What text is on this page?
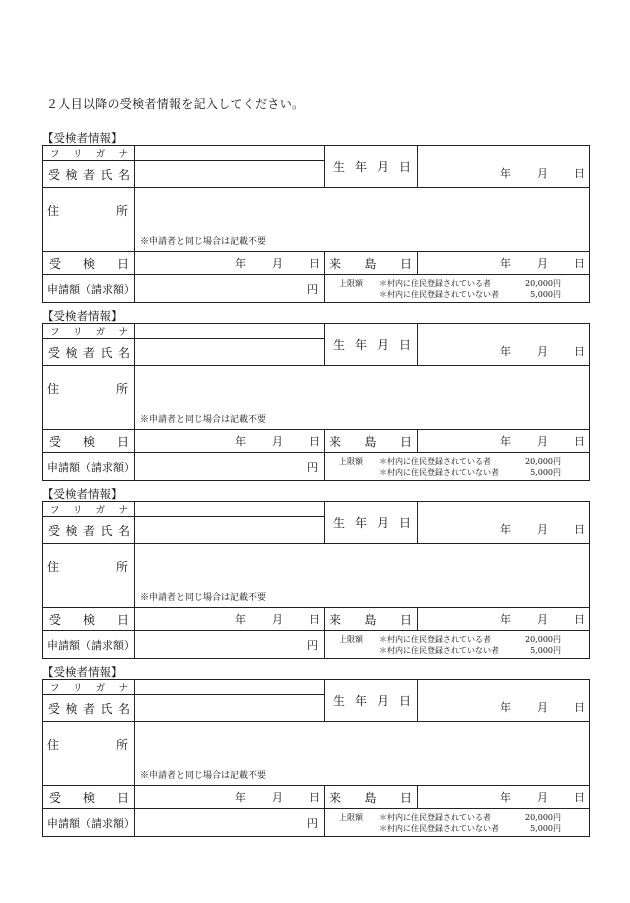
２人目以降の受検者情報を記入してください。
【受検者情報】
フ リ ガ ナ		生 年 月 日	年 月 日

受 検 者 氏 名			

住 所	※申請者と同じ場合は記載不要		

受 検 日	年 月 日	来 島 日	年 月 日

申請額（請求額）	円	上限額 ＊村内に住民登録されている者 20,000円
＊村内に住民登録されていない者 5,000円	
【受検者情報】
フ リ ガ ナ		生 年 月 日	年 月 日

受 検 者 氏 名			

住 所	※申請者と同じ場合は記載不要		

受 検 日	年 月 日	来 島 日	年 月 日

申請額（請求額）	円	上限額 ＊村内に住民登録されている者 20,000円
＊村内に住民登録されていない者 5,000円	
【受検者情報】
フ リ ガ ナ		生 年 月 日	年 月 日

受 検 者 氏 名			

住 所	※申請者と同じ場合は記載不要		

受 検 日	年 月 日	来 島 日	年 月 日

申請額（請求額）	円	上限額 ＊村内に住民登録されている者 20,000円
＊村内に住民登録されていない者 5,000円	
【受検者情報】
フ リ ガ ナ		生 年 月 日	年 月 日

受 検 者 氏 名			

住 所	※申請者と同じ場合は記載不要		

受 検 日	年 月 日	来 島 日	年 月 日

申請額（請求額）	円	上限額 ＊村内に住民登録されている者 20,000円
＊村内に住民登録されていない者 5,000円	
